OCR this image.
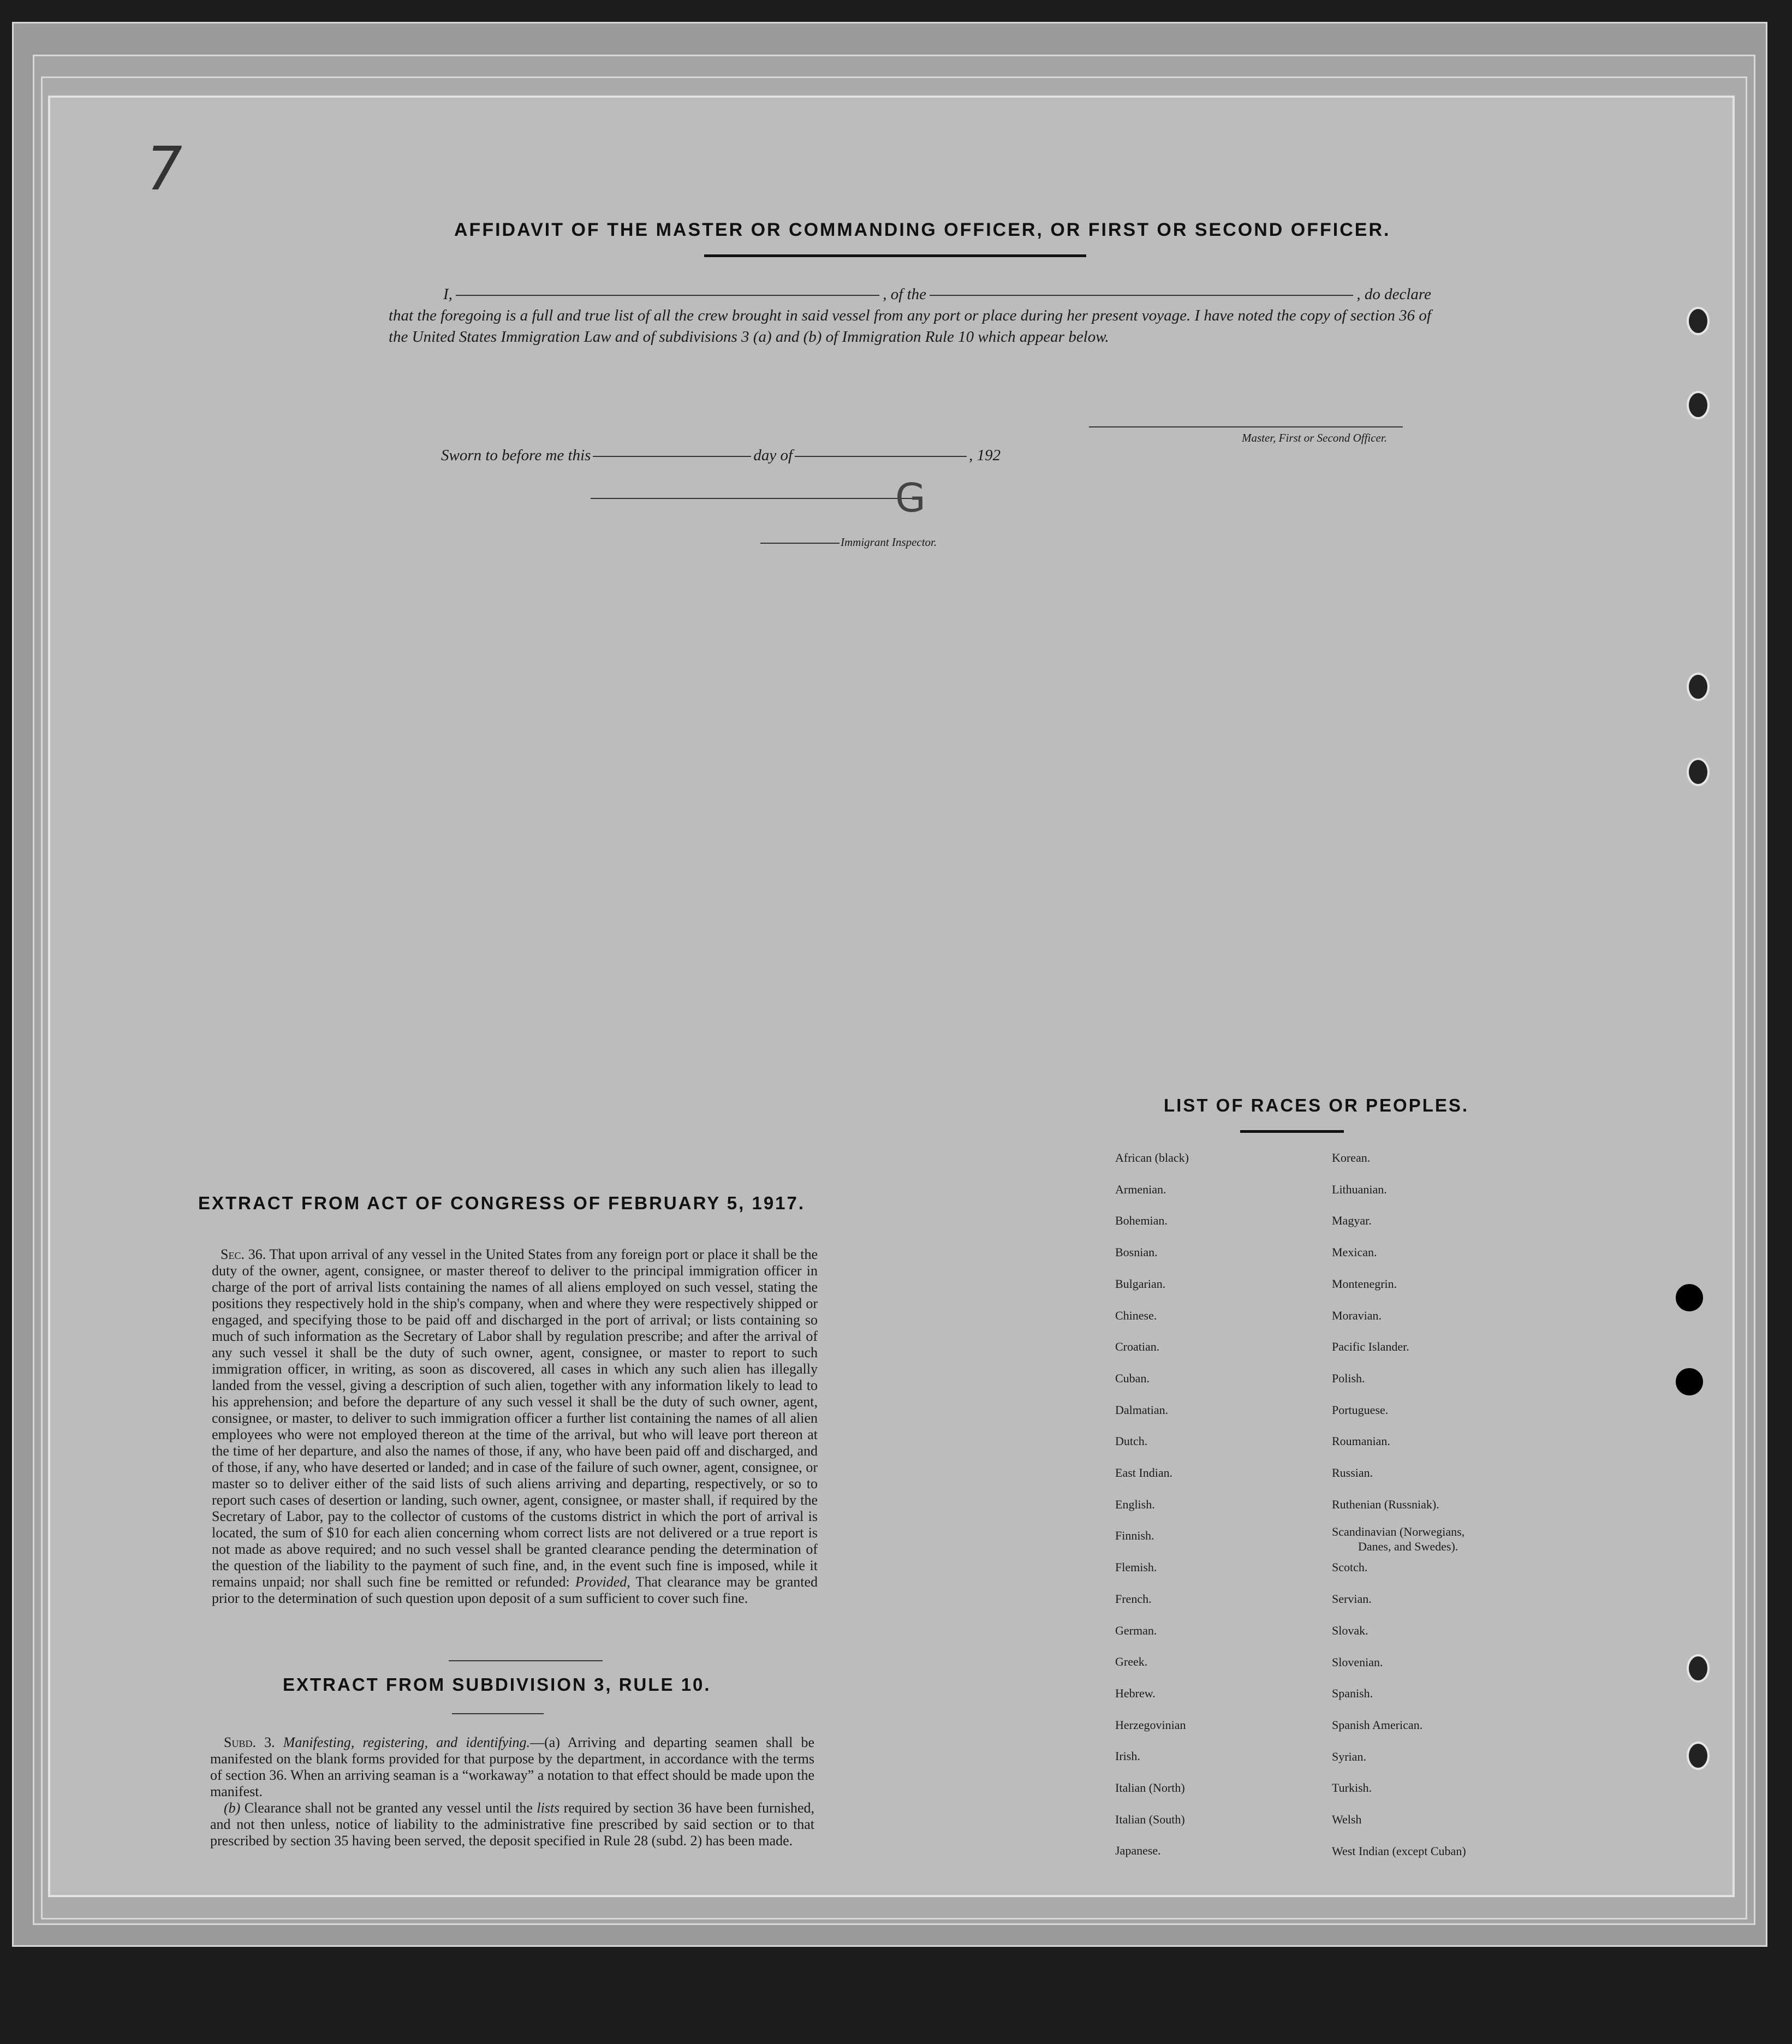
7
AFFIDAVIT OF THE MASTER OR COMMANDING OFFICER, OR FIRST OR SECOND OFFICER.
I,	, of the	, do declare

that the foregoing is a full and true list of all the crew brought in said vessel from any port or place during her present voyage. I have noted the copy of section 36 of the United States Immigration Law and of subdivisions 3 (a) and (b) of Immigration Rule 10 which appear below.

Master, First or Second Officer.
Sworn to before me this	day of	, 192
G
Immigrant Inspector.
EXTRACT FROM ACT OF CONGRESS OF FEBRUARY 5, 1917.

Sec. 36. That upon arrival of any vessel in the United States from any foreign port or place it shall be the duty of the owner, agent, consignee, or master thereof to deliver to the principal immigration officer in charge of the port of arrival lists containing the names of all aliens employed on such vessel, stating the positions they respectively hold in the ship's company, when and where they were respectively shipped or engaged, and specifying those to be paid off and discharged in the port of arrival; or lists containing so much of such information as the Secretary of Labor shall by regulation prescribe; and after the arrival of any such vessel it shall be the duty of such owner, agent, consignee, or master to report to such immigration officer, in writing, as soon as discovered, all cases in which any such alien has illegally landed from the vessel, giving a description of such alien, together with any information likely to lead to his apprehension; and before the departure of any such vessel it shall be the duty of such owner, agent, consignee, or master, to deliver to such immigration officer a further list containing the names of all alien employees who were not employed thereon at the time of the arrival, but who will leave port thereon at the time of her departure, and also the names of those, if any, who have been paid off and discharged, and of those, if any, who have deserted or landed; and in case of the failure of such owner, agent, consignee, or master so to deliver either of the said lists of such aliens arriving and departing, respectively, or so to report such cases of desertion or landing, such owner, agent, consignee, or master shall, if required by the Secretary of Labor, pay to the collector of customs of the customs district in which the port of arrival is located, the sum of $10 for each alien concerning whom correct lists are not delivered or a true report is not made as above required; and no such vessel shall be granted clearance pending the determination of the question of the liability to the payment of such fine, and, in the event such fine is imposed, while it remains unpaid; nor shall such fine be remitted or refunded: Provided, That clearance may be granted prior to the determination of such question upon deposit of a sum sufficient to cover such fine.

EXTRACT FROM SUBDIVISION 3, RULE 10.

Subd. 3. Manifesting, registering, and identifying.—(a) Arriving and departing seamen shall be manifested on the blank forms provided for that purpose by the department, in accordance with the terms of section 36. When an arriving seaman is a “workaway” a notation to that effect should be made upon the manifest.

(b) Clearance shall not be granted any vessel until the lists required by section 36 have been furnished, and not then unless, notice of liability to the administrative fine prescribed by said section or to that prescribed by section 35 having been served, the deposit specified in Rule 28 (subd. 2) has been made.

LIST OF RACES OR PEOPLES.
African (black)
Armenian.
Bohemian.
Bosnian.
Bulgarian.
Chinese.
Croatian.
Cuban.
Dalmatian.
Dutch.
East Indian.
English.
Finnish.
Flemish.
French.
German.
Greek.
Hebrew.
Herzegovinian
Irish.
Italian (North)
Italian (South)
Japanese.
Korean.
Lithuanian.
Magyar.
Mexican.
Montenegrin.
Moravian.
Pacific Islander.
Polish.
Portuguese.
Roumanian.
Russian.
Ruthenian (Russniak).
Scandinavian (Norwegians,
Danes, and Swedes).
Scotch.
Servian.
Slovak.
Slovenian.
Spanish.
Spanish American.
Syrian.
Turkish.
Welsh
West Indian (except Cuban)
